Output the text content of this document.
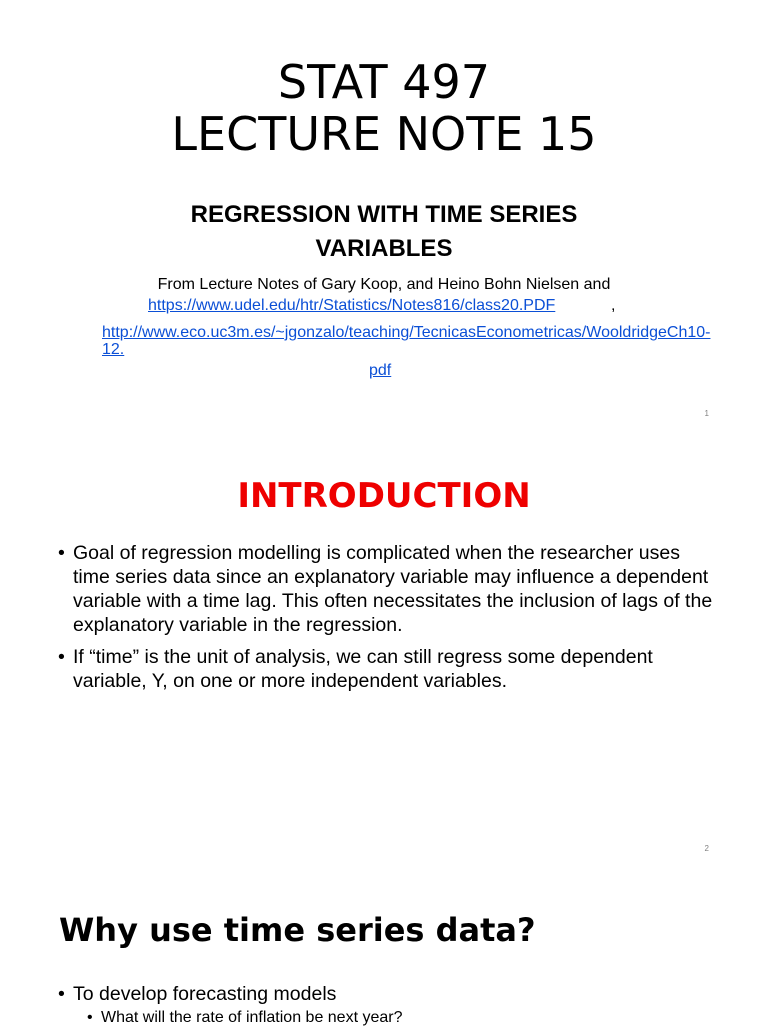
STAT 497
LECTURE NOTE 15
REGRESSION WITH TIME SERIES
VARIABLES
From Lecture Notes of Gary Koop, and Heino Bohn Nielsen and
https://www.udel.edu/htr/Statistics/Notes816/class20.PDF	,
http://www.eco.uc3m.es/~jgonzalo/teaching/TecnicasEconometricas/WooldridgeCh10-12.
pdf
1
INTRODUCTION
• Goal of regression modelling is complicated when the researcher uses time series data since an explanatory variable may influence a dependent variable with a time lag. This often necessitates the inclusion of lags of the explanatory variable in the regression.
• If “time” is the unit of analysis, we can still regress some dependent variable, Y, on one or more independent variables.
2
Why use time series data?
• To develop forecasting models
• What will the rate of inflation be next year?
